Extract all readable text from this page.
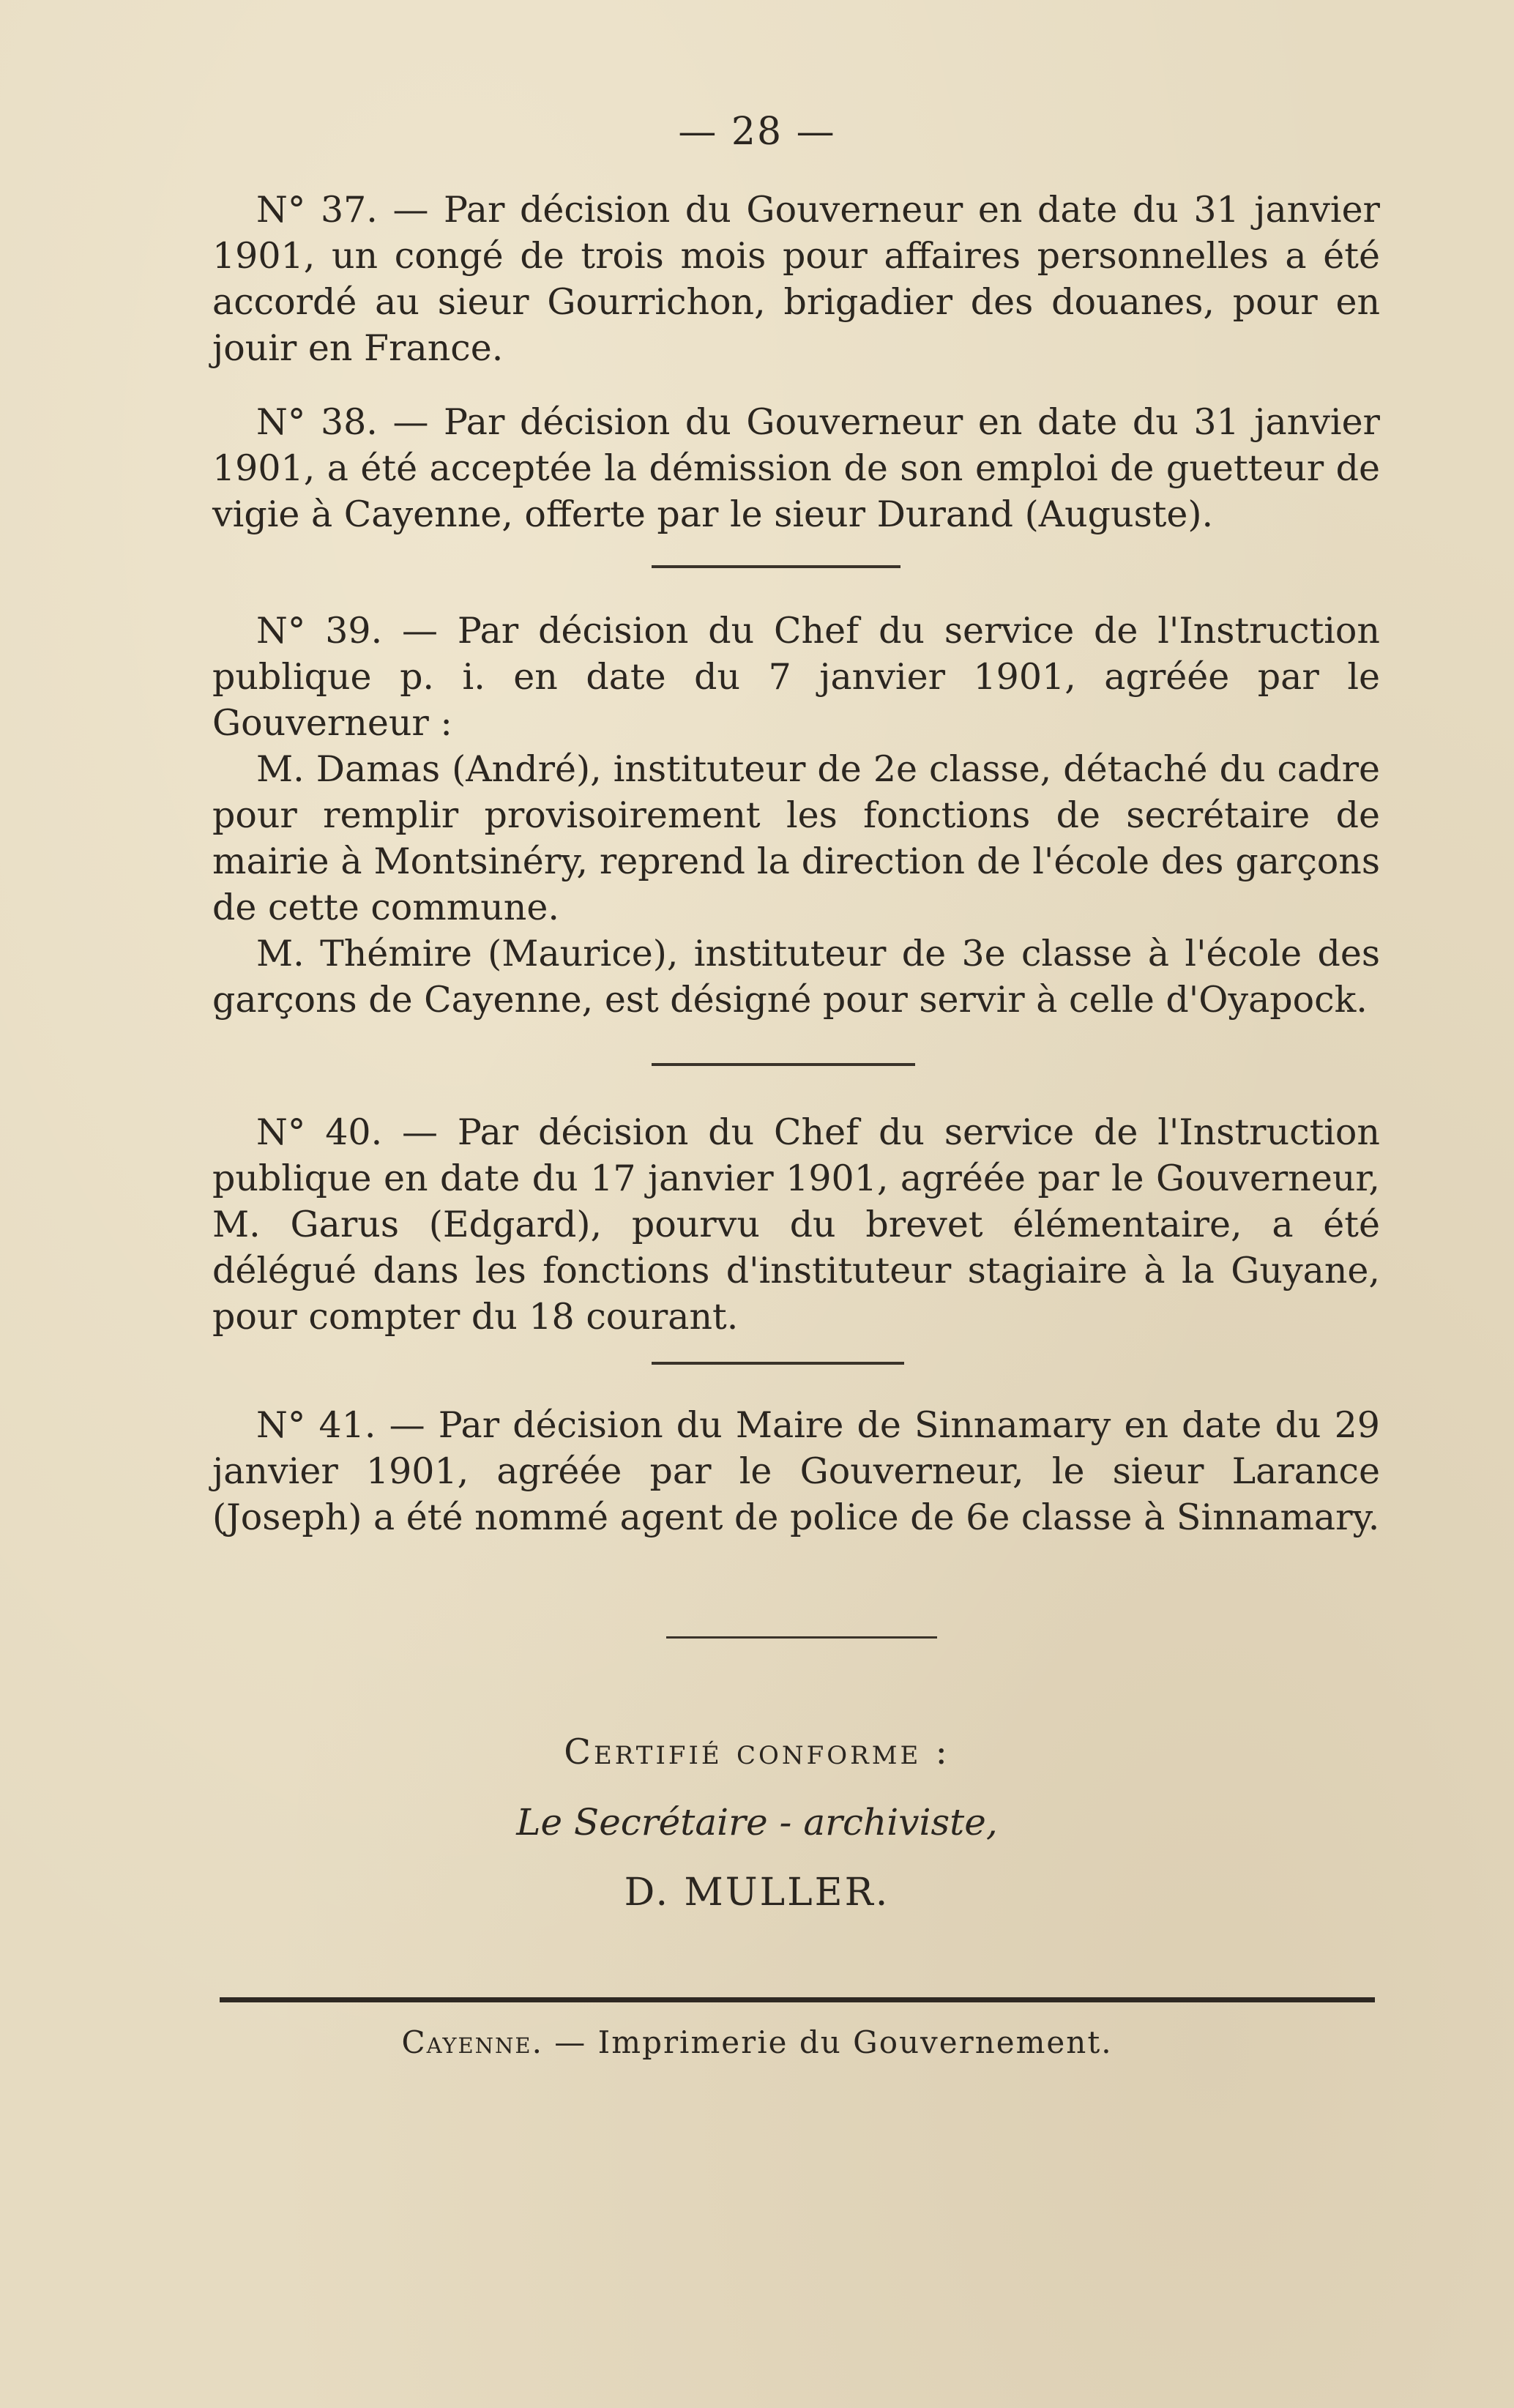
— 28 —

N° 37. — Par décision du Gouverneur en date du 31 janvier 1901, un congé de trois mois pour affaires personnelles a été accordé au sieur Gourrichon, brigadier des douanes, pour en jouir en France.

N° 38. — Par décision du Gouverneur en date du 31 janvier 1901, a été acceptée la démission de son emploi de guetteur de vigie à Cayenne, offerte par le sieur Durand (Auguste).

N° 39. — Par décision du Chef du service de l'Instruction publique p. i. en date du 7 janvier 1901, agréée par le Gouverneur :

M. Damas (André), instituteur de 2e classe, détaché du cadre pour remplir provisoirement les fonctions de secrétaire de mairie à Montsinéry, reprend la direction de l'école des garçons de cette commune.

M. Thémire (Maurice), instituteur de 3e classe à l'école des garçons de Cayenne, est désigné pour servir à celle d'Oyapock.

N° 40. — Par décision du Chef du service de l'Instruction publique en date du 17 janvier 1901, agréée par le Gouverneur, M. Garus (Edgard), pourvu du brevet élémentaire, a été délégué dans les fonctions d'instituteur stagiaire à la Guyane, pour compter du 18 courant.

N° 41. — Par décision du Maire de Sinnamary en date du 29 janvier 1901, agréée par le Gouverneur, le sieur Larance (Joseph) a été nommé agent de police de 6e classe à Sinnamary.

Certifié conforme :
Le Secrétaire - archiviste,
D. MULLER.
Cayenne. — Imprimerie du Gouvernement.
